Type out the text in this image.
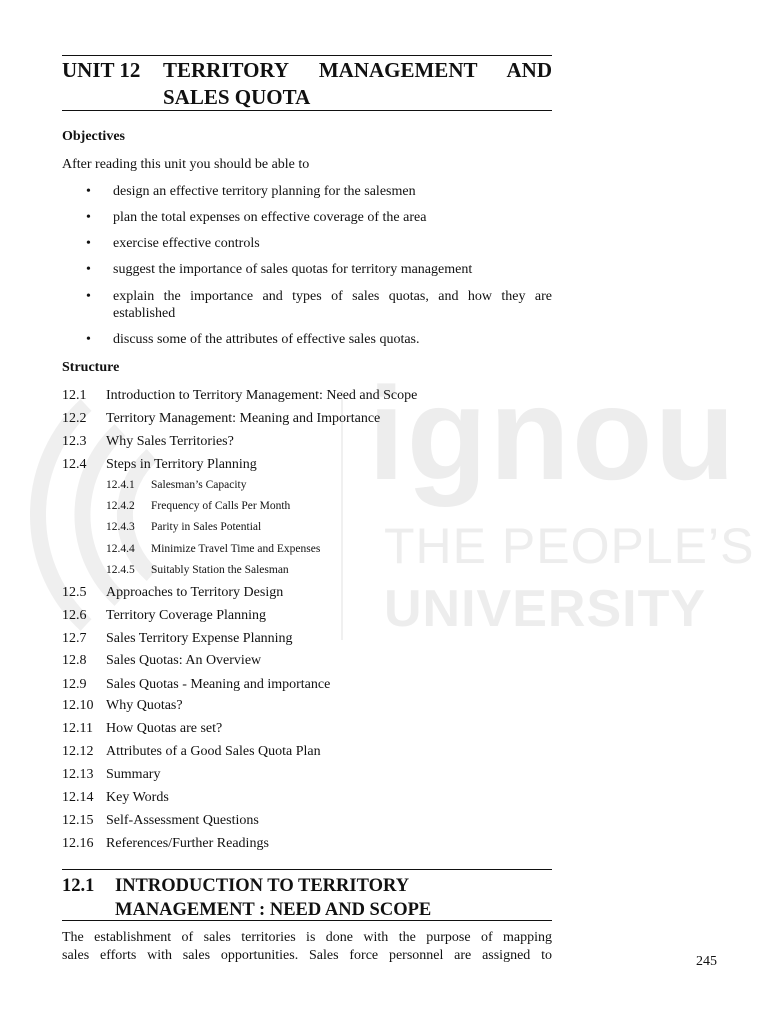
ignou
THE PEOPLE’S
UNIVERSITY
UNIT 12 TERRITORY MANAGEMENT AND
SALES QUOTA
Objectives
After reading this unit you should be able to
• design an effective territory planning for the salesmen
• plan the total expenses on effective coverage of the area
• exercise effective controls
• suggest the importance of sales quotas for territory management
• explain the importance and types of sales quotas, and how they are established
• discuss some of the attributes of effective sales quotas.
Structure
12.1 Introduction to Territory Management: Need and Scope
12.2 Territory Management: Meaning and Importance
12.3 Why Sales Territories?
12.4 Steps in Territory Planning
12.4.1 Salesman’s Capacity
12.4.2 Frequency of Calls Per Month
12.4.3 Parity in Sales Potential
12.4.4 Minimize Travel Time and Expenses
12.4.5 Suitably Station the Salesman
12.5 Approaches to Territory Design
12.6 Territory Coverage Planning
12.7 Sales Territory Expense Planning
12.8 Sales Quotas: An Overview
12.9 Sales Quotas - Meaning and importance
12.10 Why Quotas?
12.11 How Quotas are set?
12.12 Attributes of a Good Sales Quota Plan
12.13 Summary
12.14 Key Words
12.15 Self-Assessment Questions
12.16 References/Further Readings
12.1 INTRODUCTION TO TERRITORY
MANAGEMENT : NEED AND SCOPE
The establishment of sales territories is done with the purpose of mapping
sales efforts with sales opportunities. Sales force personnel are assigned to	245
